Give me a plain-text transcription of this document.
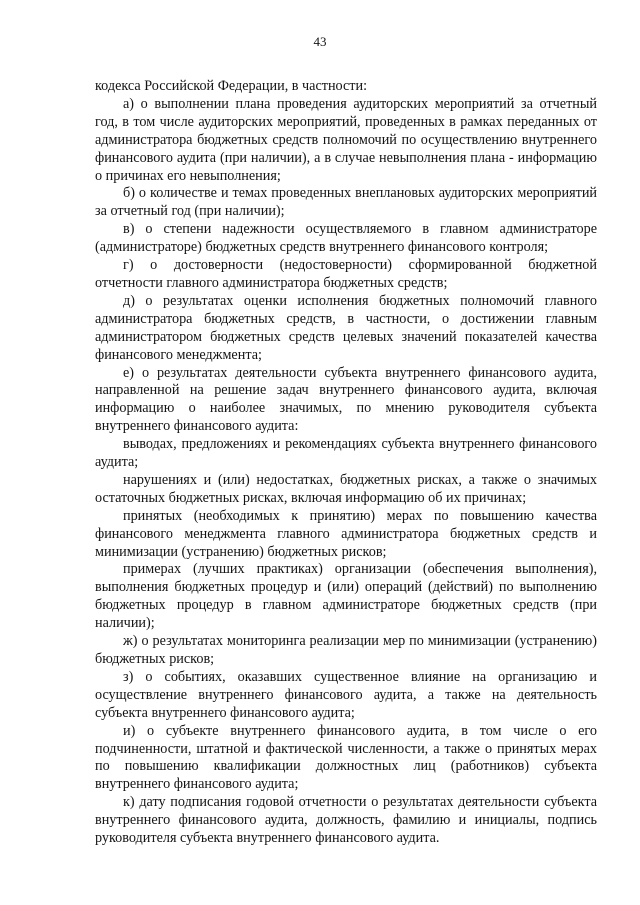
43

кодекса Российской Федерации, в частности:

а) о выполнении плана проведения аудиторских мероприятий за отчетный год, в том числе аудиторских мероприятий, проведенных в рамках переданных от администратора бюджетных средств полномочий по осуществлению внутреннего финансового аудита (при наличии), а в случае невыполнения плана - информацию о причинах его невыполнения;

б) о количестве и темах проведенных внеплановых аудиторских мероприятий за отчетный год (при наличии);

в) о степени надежности осуществляемого в главном администраторе (администраторе) бюджетных средств внутреннего финансового контроля;

г) о достоверности (недостоверности) сформированной бюджетной отчетности главного администратора бюджетных средств;

д) о результатах оценки исполнения бюджетных полномочий главного администратора бюджетных средств, в частности, о достижении главным администратором бюджетных средств целевых значений показателей качества финансового менеджмента;

е) о результатах деятельности субъекта внутреннего финансового аудита, направленной на решение задач внутреннего финансового аудита, включая информацию о наиболее значимых, по мнению руководителя субъекта внутреннего финансового аудита:

выводах, предложениях и рекомендациях субъекта внутреннего финансового аудита;

нарушениях и (или) недостатках, бюджетных рисках, а также о значимых остаточных бюджетных рисках, включая информацию об их причинах;

принятых (необходимых к принятию) мерах по повышению качества финансового менеджмента главного администратора бюджетных средств и минимизации (устранению) бюджетных рисков;

примерах (лучших практиках) организации (обеспечения выполнения), выполнения бюджетных процедур и (или) операций (действий) по выполнению бюджетных процедур в главном администраторе бюджетных средств (при наличии);

ж) о результатах мониторинга реализации мер по минимизации (устранению) бюджетных рисков;

з) о событиях, оказавших существенное влияние на организацию и осуществление внутреннего финансового аудита, а также на деятельность субъекта внутреннего финансового аудита;

и) о субъекте внутреннего финансового аудита, в том числе о его подчиненности, штатной и фактической численности, а также о принятых мерах по повышению квалификации должностных лиц (работников) субъекта внутреннего финансового аудита;

к) дату подписания годовой отчетности о результатах деятельности субъекта внутреннего финансового аудита, должность, фамилию и инициалы, подпись руководителя субъекта внутреннего финансового аудита.
